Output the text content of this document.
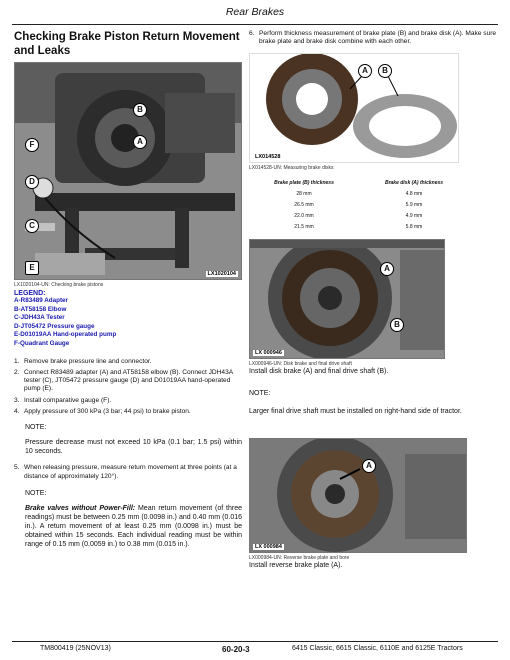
Rear Brakes
Checking Brake Piston Return Movement and Leaks
B
A
F
D
C
E
LX1020104
LX1020104-UN: Checking brake pistons
LEGEND:
A-R83489 Adapter
B-AT58158 Elbow
C-JDH43A Tester
D-JT05472 Pressure gauge
E-D01019AA Hand-operated pump
F-Quadrant Gauge
1. Remove brake pressure line and connector.
2. Connect R83489 adapter (A) and AT58158 elbow (B). Connect JDH43A tester (C), JT05472 pressure gauge (D) and D01019AA hand-operated pump (E).
3. Install comparative gauge (F).
4. Apply pressure of 300 kPa (3 bar; 44 psi) to brake piston.
NOTE:
Pressure decrease must not exceed 10 kPa (0.1 bar; 1.5 psi) within 10 seconds.
5. When releasing pressure, measure return movement at three points (at a distance of approximately 120°).
NOTE:
Brake valves without Power-Fill: Mean return movement (of three readings) must be between 0.25 mm (0.0098 in.) and 0.40 mm (0.016 in.). A return movement of at least 0.25 mm (0.0098 in.) must be obtained within 15 seconds. Each individual reading must be within range of 0.15 mm (0.0059 in.) to 0.38 mm (0.015 in.).
6. Perform thickness measurement of brake plate (B) and brake disk (A). Make sure brake plate and brake disk combine with each other.
A	B
LX014528
LX014528-UN: Measuring brake disks
Brake plate (B) thickness	Brake disk (A) thickness
28 mm	4.8 mm
26.5 mm	5.9 mm
22.0 mm	4.9 mm
21.5 mm	5.8 mm
A
B
LX 000946
LX000946-UN: Disk brake and final drive shaft
Install disk brake (A) and final drive shaft (B).
NOTE:
Larger final drive shaft must be installed on right-hand side of tractor.
A
LX 000984
LX000984-UN: Reverse brake plate and bore
Install reverse brake plate (A).
TM800419 (25NOV13)	60-20-3	6415 Classic, 6615 Classic, 6110E and 6125E Tractors
